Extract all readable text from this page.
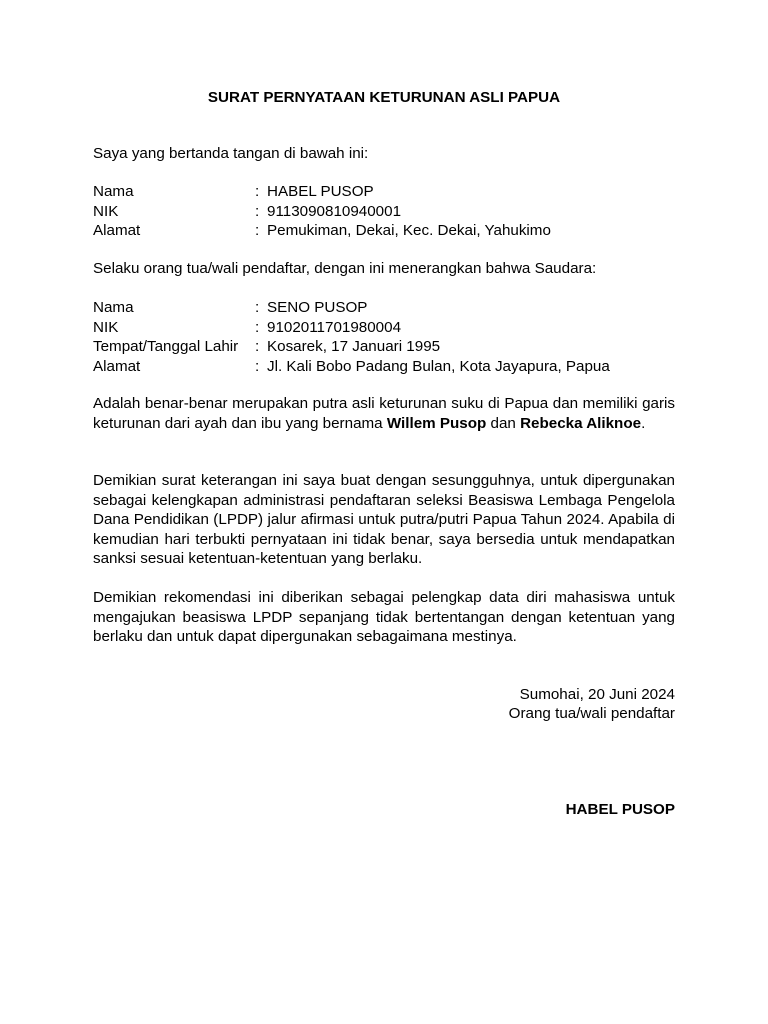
SURAT PERNYATAAN KETURUNAN ASLI PAPUA
Saya yang bertanda tangan di bawah ini:
Nama	: HABEL PUSOP
NIK	: 9113090810940001
Alamat	: Pemukiman, Dekai, Kec. Dekai, Yahukimo
Selaku orang tua/wali pendaftar, dengan ini menerangkan bahwa Saudara:
Nama	: SENO PUSOP
NIK	: 9102011701980004
Tempat/Tanggal Lahir	: Kosarek, 17 Januari 1995
Alamat	: Jl. Kali Bobo Padang Bulan, Kota Jayapura, Papua
Adalah benar-benar merupakan putra asli keturunan suku di Papua dan memiliki garis keturunan dari ayah dan ibu yang bernama Willem Pusop dan Rebecka Aliknoe.
Demikian surat keterangan ini saya buat dengan sesungguhnya, untuk dipergunakan sebagai kelengkapan administrasi pendaftaran seleksi Beasiswa Lembaga Pengelola Dana Pendidikan (LPDP) jalur afirmasi untuk putra/putri Papua Tahun 2024. Apabila di kemudian hari terbukti pernyataan ini tidak benar, saya bersedia untuk mendapatkan sanksi sesuai ketentuan-ketentuan yang berlaku.
Demikian rekomendasi ini diberikan sebagai pelengkap data diri mahasiswa untuk mengajukan beasiswa LPDP sepanjang tidak bertentangan dengan ketentuan yang berlaku dan untuk dapat dipergunakan sebagaimana mestinya.
Sumohai, 20 Juni 2024
Orang tua/wali pendaftar
HABEL PUSOP
